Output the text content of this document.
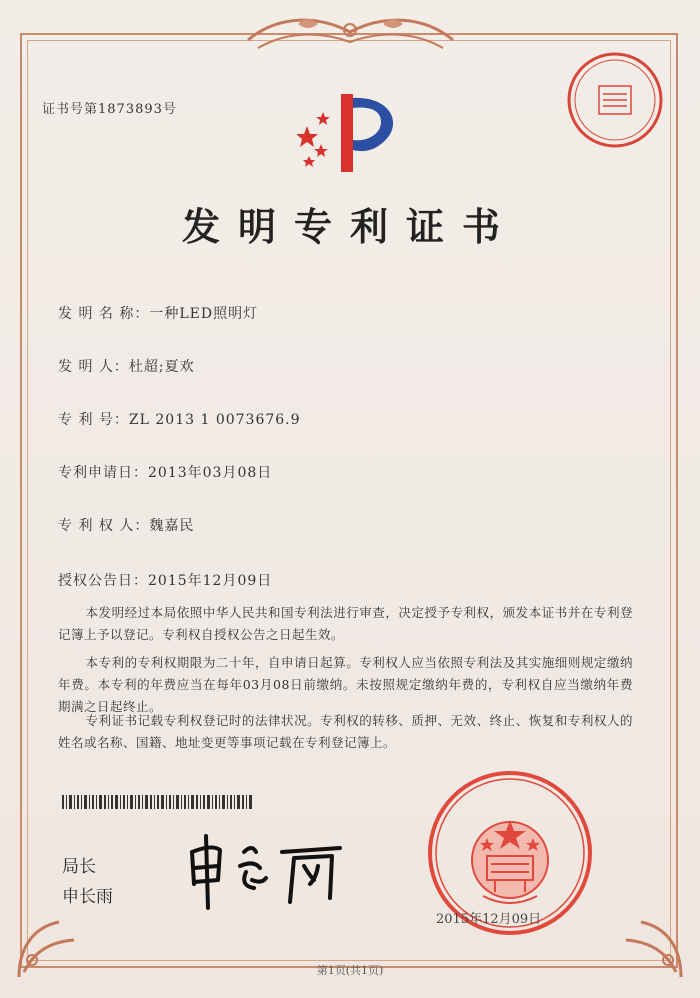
证书号第1873893号
发明专利证书
发 明 名 称：一种LED照明灯
发 明 人：杜超;夏欢
专 利 号：ZL 2013 1 0073676.9
专利申请日：2013年03月08日
专 利 权 人：魏嘉民
授权公告日：2015年12月09日
本发明经过本局依照中华人民共和国专利法进行审查，决定授予专利权，颁发本证书并在专利登记簿上予以登记。专利权自授权公告之日起生效。
本专利的专利权期限为二十年，自申请日起算。专利权人应当依照专利法及其实施细则规定缴纳年费。本专利的年费应当在每年03月08日前缴纳。未按照规定缴纳年费的，专利权自应当缴纳年费期满之日起终止。
专利证书记载专利权登记时的法律状况。专利权的转移、质押、无效、终止、恢复和专利权人的姓名或名称、国籍、地址变更等事项记载在专利登记簿上。
局长
申长雨
2015年12月09日
第1页(共1页)
